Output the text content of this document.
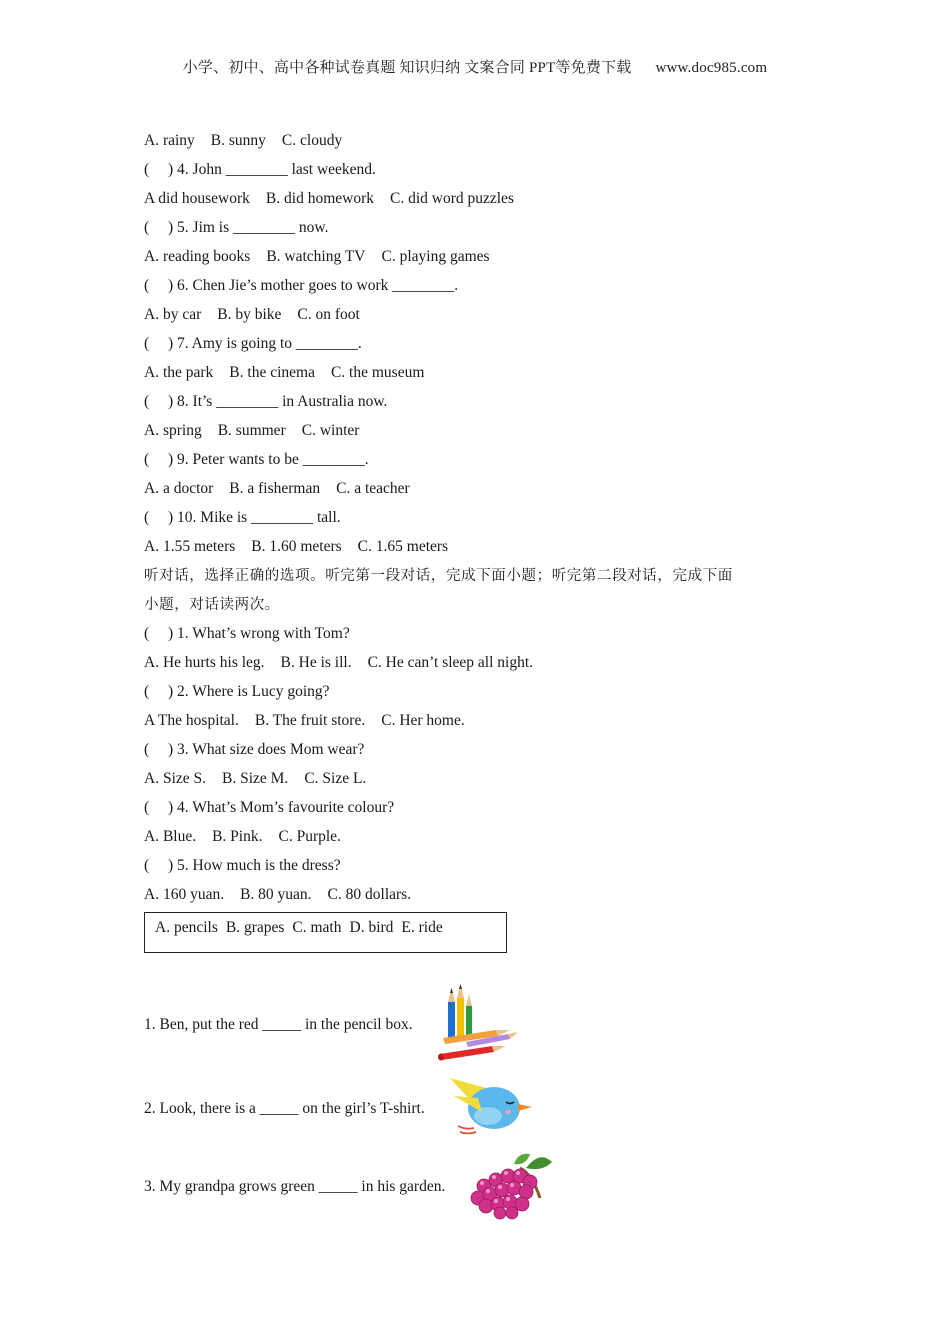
小学、初中、高中各种试卷真题 知识归纳 文案合同 PPT等免费下载 www.doc985.com
A. rainy B. sunny C. cloudy
( ) 4. John ________ last weekend.
A did housework B. did homework C. did word puzzles
( ) 5. Jim is ________ now.
A. reading books B. watching TV C. playing games
( ) 6. Chen Jie’s mother goes to work ________.
A. by car B. by bike C. on foot
( ) 7. Amy is going to ________.
A. the park B. the cinema C. the museum
( ) 8. It’s ________ in Australia now.
A. spring B. summer C. winter
( ) 9. Peter wants to be ________.
A. a doctor B. a fisherman C. a teacher
( ) 10. Mike is ________ tall.
A. 1.55 meters B. 1.60 meters C. 1.65 meters
听对话，选择正确的选项。听完第一段对话，完成下面小题；听完第二段对话，完成下面
小题，对话读两次。
( ) 1. What’s wrong with Tom?
A. He hurts his leg. B. He is ill. C. He can’t sleep all night.
( ) 2. Where is Lucy going?
A The hospital. B. The fruit store. C. Her home.
( ) 3. What size does Mom wear?
A. Size S. B. Size M. C. Size L.
( ) 4. What’s Mom’s favourite colour?
A. Blue. B. Pink. C. Purple.
( ) 5. How much is the dress?
A. 160 yuan. B. 80 yuan. C. 80 dollars.
A. pencils B. grapes C. math D. bird E. ride
1. Ben, put the red _____ in the pencil box.
2. Look, there is a _____ on the girl’s T-shirt.
3. My grandpa grows green _____ in his garden.
